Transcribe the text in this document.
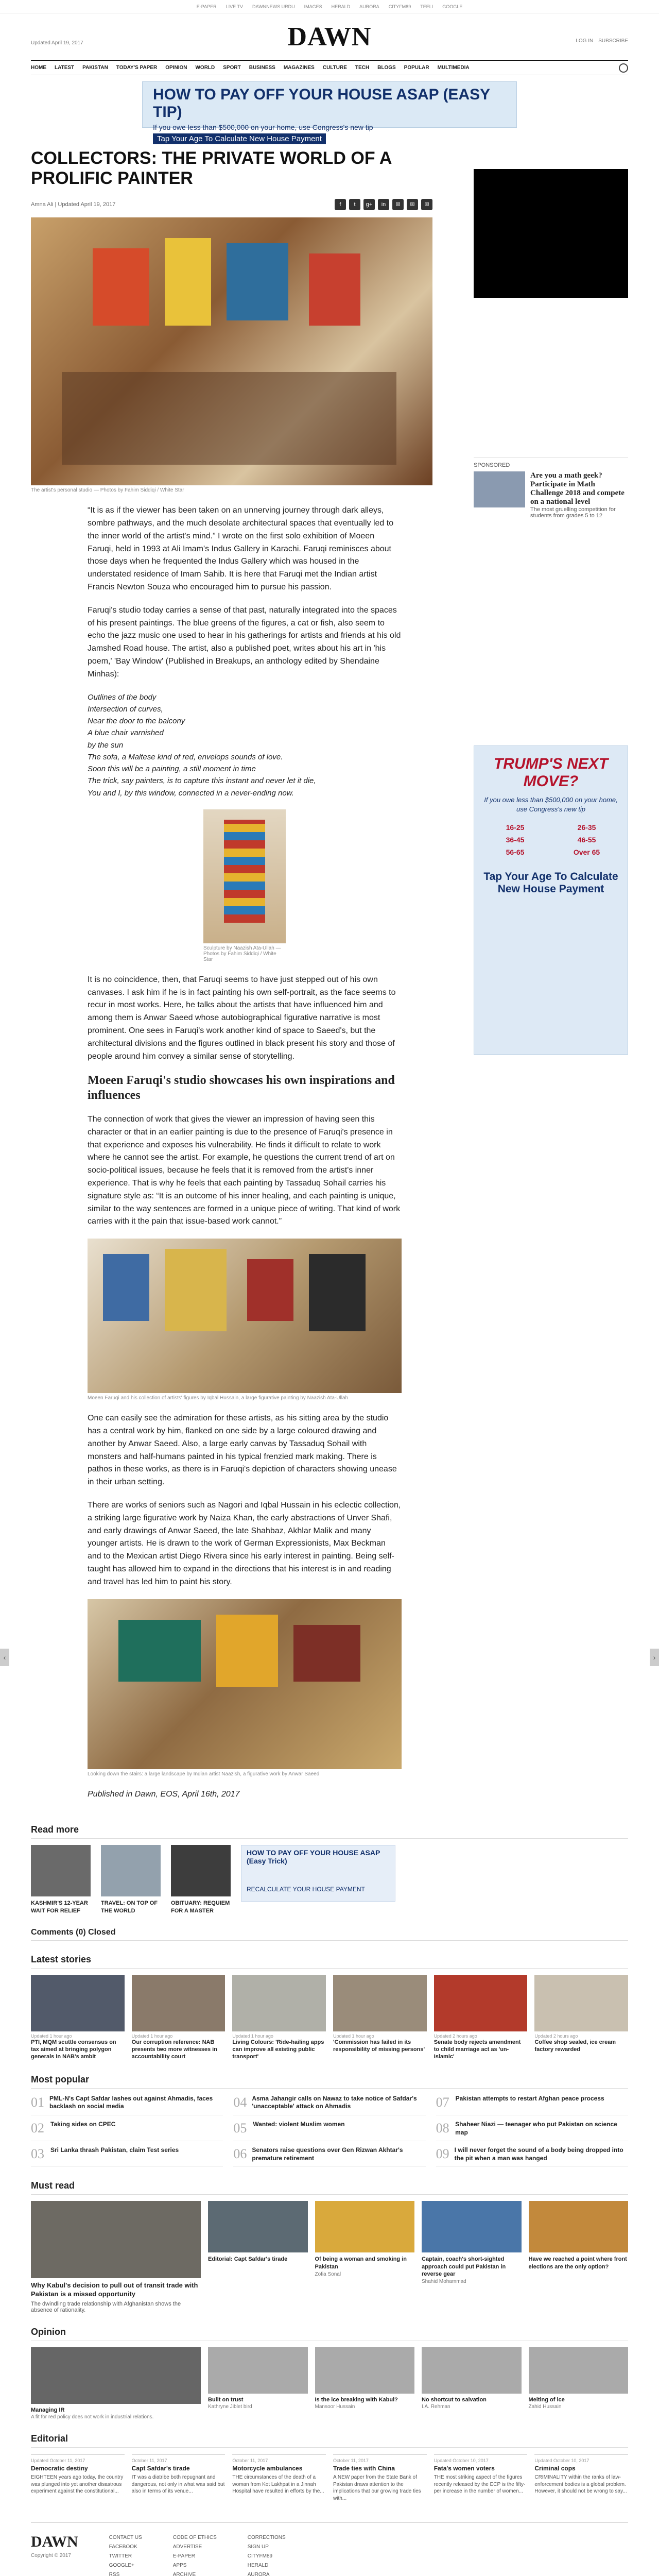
E-PAPER LIVE TV DAWNNEWS URDU IMAGES HERALD AURORA CITYFM89 TEELI GOOGLE
Updated April 19, 2017	DAWN	LOG IN SUBSCRIBE
HOME LATEST PAKISTAN TODAY'S PAPER OPINION WORLD SPORT BUSINESS MAGAZINES CULTURE TECH BLOGS POPULAR MULTIMEDIA
HOW TO PAY OFF YOUR HOUSE ASAP (EASY TIP)
If you owe less than $500,000 on your home, use Congress's new tip
Tap Your Age To Calculate New House Payment
COLLECTORS: THE PRIVATE WORLD OF A PROLIFIC PAINTER
Amna Ali | Updated April 19, 2017	f	t	g+	in	✉	✉	✉
The artist's personal studio — Photos by Fahim Siddiqi / White Star

“It is as if the viewer has been taken on an unnerving journey through dark alleys, sombre pathways, and the much desolate architectural spaces that eventually led to the inner world of the artist's mind.” I wrote on the first solo exhibition of Moeen Faruqi, held in 1993 at Ali Imam's Indus Gallery in Karachi. Faruqi reminisces about those days when he frequented the Indus Gallery which was housed in the understated residence of Imam Sahib. It is here that Faruqi met the Indian artist Francis Newton Souza who encouraged him to pursue his passion.

Faruqi's studio today carries a sense of that past, naturally integrated into the spaces of his present paintings. The blue greens of the figures, a cat or fish, also seem to echo the jazz music one used to hear in his gatherings for artists and friends at his old Jamshed Road house. The artist, also a published poet, writes about his art in 'his poem,' 'Bay Window' (Published in Breakups, an anthology edited by Shendaine Minhas):

Outlines of the body

Intersection of curves,

Near the door to the balcony

A blue chair varnished

by the sun

The sofa, a Maltese kind of red, envelops sounds of love.

Soon this will be a painting, a still moment in time

The trick, say painters, is to capture this instant and never let it die,

You and I, by this window, connected in a never-ending now.

Sculpture by Naazish Ata-Ullah — Photos by Fahim Siddiqi / White Star

It is no coincidence, then, that Faruqi seems to have just stepped out of his own canvases. I ask him if he is in fact painting his own self-portrait, as the face seems to recur in most works. Here, he talks about the artists that have influenced him and among them is Anwar Saeed whose autobiographical figurative narrative is most prominent. One sees in Faruqi's work another kind of space to Saeed's, but the architectural divisions and the figures outlined in black present his story and those of people around him convey a similar sense of storytelling.

Moeen Faruqi's studio showcases his own inspirations and influences

The connection of work that gives the viewer an impression of having seen this character or that in an earlier painting is due to the presence of Faruqi's presence in that experience and exposes his vulnerability. He finds it difficult to relate to work where he cannot see the artist. For example, he questions the current trend of art on socio-political issues, because he feels that it is removed from the artist's inner experience. That is why he feels that each painting by Tassaduq Sohail carries his signature style as: “It is an outcome of his inner healing, and each painting is unique, similar to the way sentences are formed in a unique piece of writing. That kind of work carries with it the pain that issue-based work cannot.”

Moeen Faruqi and his collection of artists' figures by Iqbal Hussain, a large figurative painting by Naazish Ata-Ullah

One can easily see the admiration for these artists, as his sitting area by the studio has a central work by him, flanked on one side by a large coloured drawing and another by Anwar Saeed. Also, a large early canvas by Tassaduq Sohail with monsters and half-humans painted in his typical frenzied mark making. There is pathos in these works, as there is in Faruqi's depiction of characters showing unease in their urban setting.

There are works of seniors such as Nagori and Iqbal Hussain in his eclectic collection, a striking large figurative work by Naiza Khan, the early abstractions of Unver Shafi, and early drawings of Anwar Saeed, the late Shahbaz, Akhlar Malik and many younger artists. He is drawn to the work of German Expressionists, Max Beckman and to the Mexican artist Diego Rivera since his early interest in painting. Being self-taught has allowed him to expand in the directions that his interest is in and reading and travel has led him to paint his story.

Looking down the stairs: a large landscape by Indian artist Naazish, a figurative work by Anwar Saeed

Published in Dawn, EOS, April 16th, 2017

SPONSORED
Are you a math geek? Participate in Math Challenge 2018 and compete on a national level
The most gruelling competition for students from grades 5 to 12
TRUMP'S NEXT MOVE?
If you owe less than $500,000 on your home, use Congress's new tip
16-25	26-35
36-45	46-55
56-65	Over 65
Tap Your Age To Calculate New House Payment
Read more
KASHMIR'S 12-YEAR WAIT FOR RELIEF
TRAVEL: ON TOP OF THE WORLD
OBITUARY: REQUIEM FOR A MASTER
HOW TO PAY OFF YOUR HOUSE ASAP (Easy Trick)
RECALCULATE YOUR HOUSE PAYMENT
Comments (0) Closed
Latest stories
Updated 1 hour ago
PTI, MQM scuttle consensus on tax aimed at bringing polygon generals in NAB's ambit
Updated 1 hour ago
Our corruption reference: NAB presents two more witnesses in accountability court
Updated 1 hour ago
Living Colours: 'Ride-hailing apps can improve all existing public transport'
Updated 1 hour ago
'Commission has failed in its responsibility of missing persons'
Updated 2 hours ago
Senate body rejects amendment to child marriage act as 'un-Islamic'
Updated 2 hours ago
Coffee shop sealed, ice cream factory rewarded
Most popular
01 PML-N's Capt Safdar lashes out against Ahmadis, faces backlash on social media	04 Asma Jahangir calls on Nawaz to take notice of Safdar's 'unacceptable' attack on Ahmadis	07 Pakistan attempts to restart Afghan peace process
02 Taking sides on CPEC	05 Wanted: violent Muslim women	08 Shaheer Niazi — teenager who put Pakistan on science map
03 Sri Lanka thrash Pakistan, claim Test series	06 Senators raise questions over Gen Rizwan Akhtar's premature retirement	09 I will never forget the sound of a body being dropped into the pit when a man was hanged
Must read
Why Kabul's decision to pull out of transit trade with Pakistan is a missed opportunity
The dwindling trade relationship with Afghanistan shows the absence of rationality.
Editorial: Capt Safdar's tirade	Of being a woman and smoking in Pakistan
Zofia Sonal
Captain, coach's short-sighted approach could put Pakistan in reverse gear
Shahid Mohammad
Have we reached a point where front elections are the only option?
Opinion
Managing IR
A fit for red policy does not work in industrial relations.
Built on trust
Kathryne Jiblet bird
Is the ice breaking with Kabul?
Mansoor Hussain
No shortcut to salvation
I.A. Rehman
Melting of ice
Zahid Hussain
Editorial
Updated October 11, 2017
Democratic destiny
EIGHTEEN years ago today, the country was plunged into yet another disastrous experiment against the constitutional...
October 11, 2017
Capt Safdar's tirade
IT was a diatribe both repugnant and dangerous, not only in what was said but also in terms of its venue...
October 11, 2017
Motorcycle ambulances
THE circumstances of the death of a woman from Kot Lakhpat in a Jinnah Hospital have resulted in efforts by the...
October 11, 2017
Trade ties with China
A NEW paper from the State Bank of Pakistan draws attention to the implications that our growing trade ties with...
Updated October 10, 2017
Fata's women voters
THE most striking aspect of the figures recently released by the ECP is the fifty-per increase in the number of women...
Updated October 10, 2017
Criminal cops
CRIMINALITY within the ranks of law-enforcement bodies is a global problem. However, it should not be wrong to say...
DAWN
Copyright © 2017
CONTACT US
FACEBOOK
TWITTER
GOOGLE+
RSS
CODE OF ETHICS
ADVERTISE
E-PAPER
APPS
ARCHIVE
CORRECTIONS
SIGN UP
CITYFM89
HERALD
AURORA
‹	›
